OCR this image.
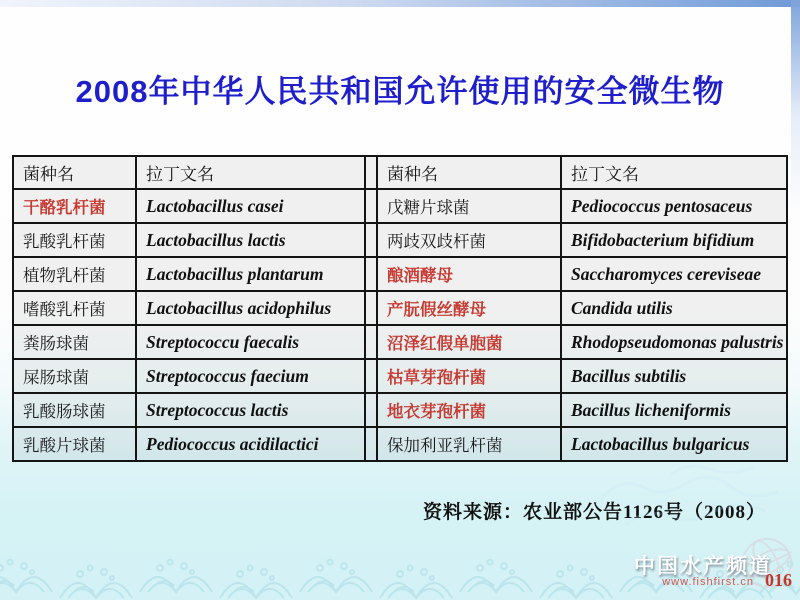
2008年中华人民共和国允许使用的安全微生物
菌种名	拉丁文名		菌种名	拉丁文名
干酪乳杆菌	Lactobacillus casei		戊糖片球菌	Pediococcus pentosaceus
乳酸乳杆菌	Lactobacillus lactis		两歧双歧杆菌	Bifidobacterium bifidium
植物乳杆菌	Lactobacillus plantarum		酿酒酵母	Saccharomyces cereviseae
嗜酸乳杆菌	Lactobacillus acidophilus		产朊假丝酵母	Candida utilis
粪肠球菌	Streptococcu faecalis		沼泽红假单胞菌	Rhodopseudomonas palustris
屎肠球菌	Streptococcus faecium		枯草芽孢杆菌	Bacillus subtilis
乳酸肠球菌	Streptococcus lactis		地衣芽孢杆菌	Bacillus licheniformis
乳酸片球菌	Pediococcus acidilactici		保加利亚乳杆菌	Lactobacillus bulgaricus
资料来源：农业部公告1126号（2008）
中国水产频道
www.fishfirst.cn 016
